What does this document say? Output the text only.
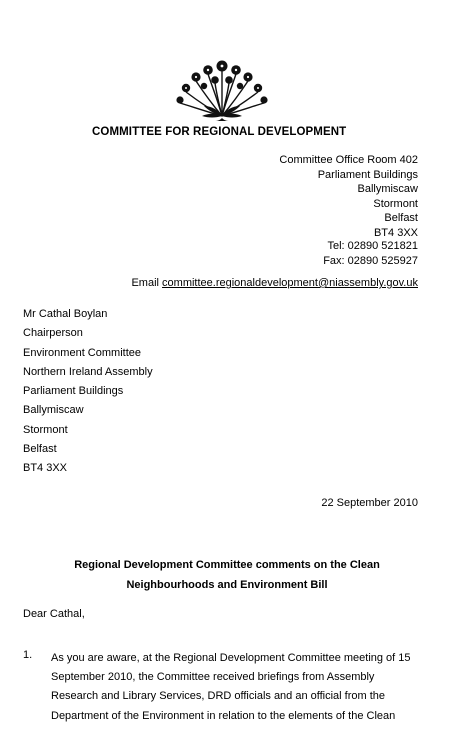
COMMITTEE FOR REGIONAL DEVELOPMENT
Committee Office Room 402
Parliament Buildings
Ballymiscaw
Stormont
Belfast
BT4 3XX
Tel: 02890 521821
Fax: 02890 525927
Email committee.regionaldevelopment@niassembly.gov.uk
Mr Cathal Boylan
Chairperson
Environment Committee
Northern Ireland Assembly
Parliament Buildings
Ballymiscaw
Stormont
Belfast
BT4 3XX
22 September 2010
Regional Development Committee comments on the Clean
Neighbourhoods and Environment Bill
Dear Cathal,
1. As you are aware, at the Regional Development Committee meeting of 15
September 2010, the Committee received briefings from Assembly
Research and Library Services, DRD officials and an official from the
Department of the Environment in relation to the elements of the Clean
